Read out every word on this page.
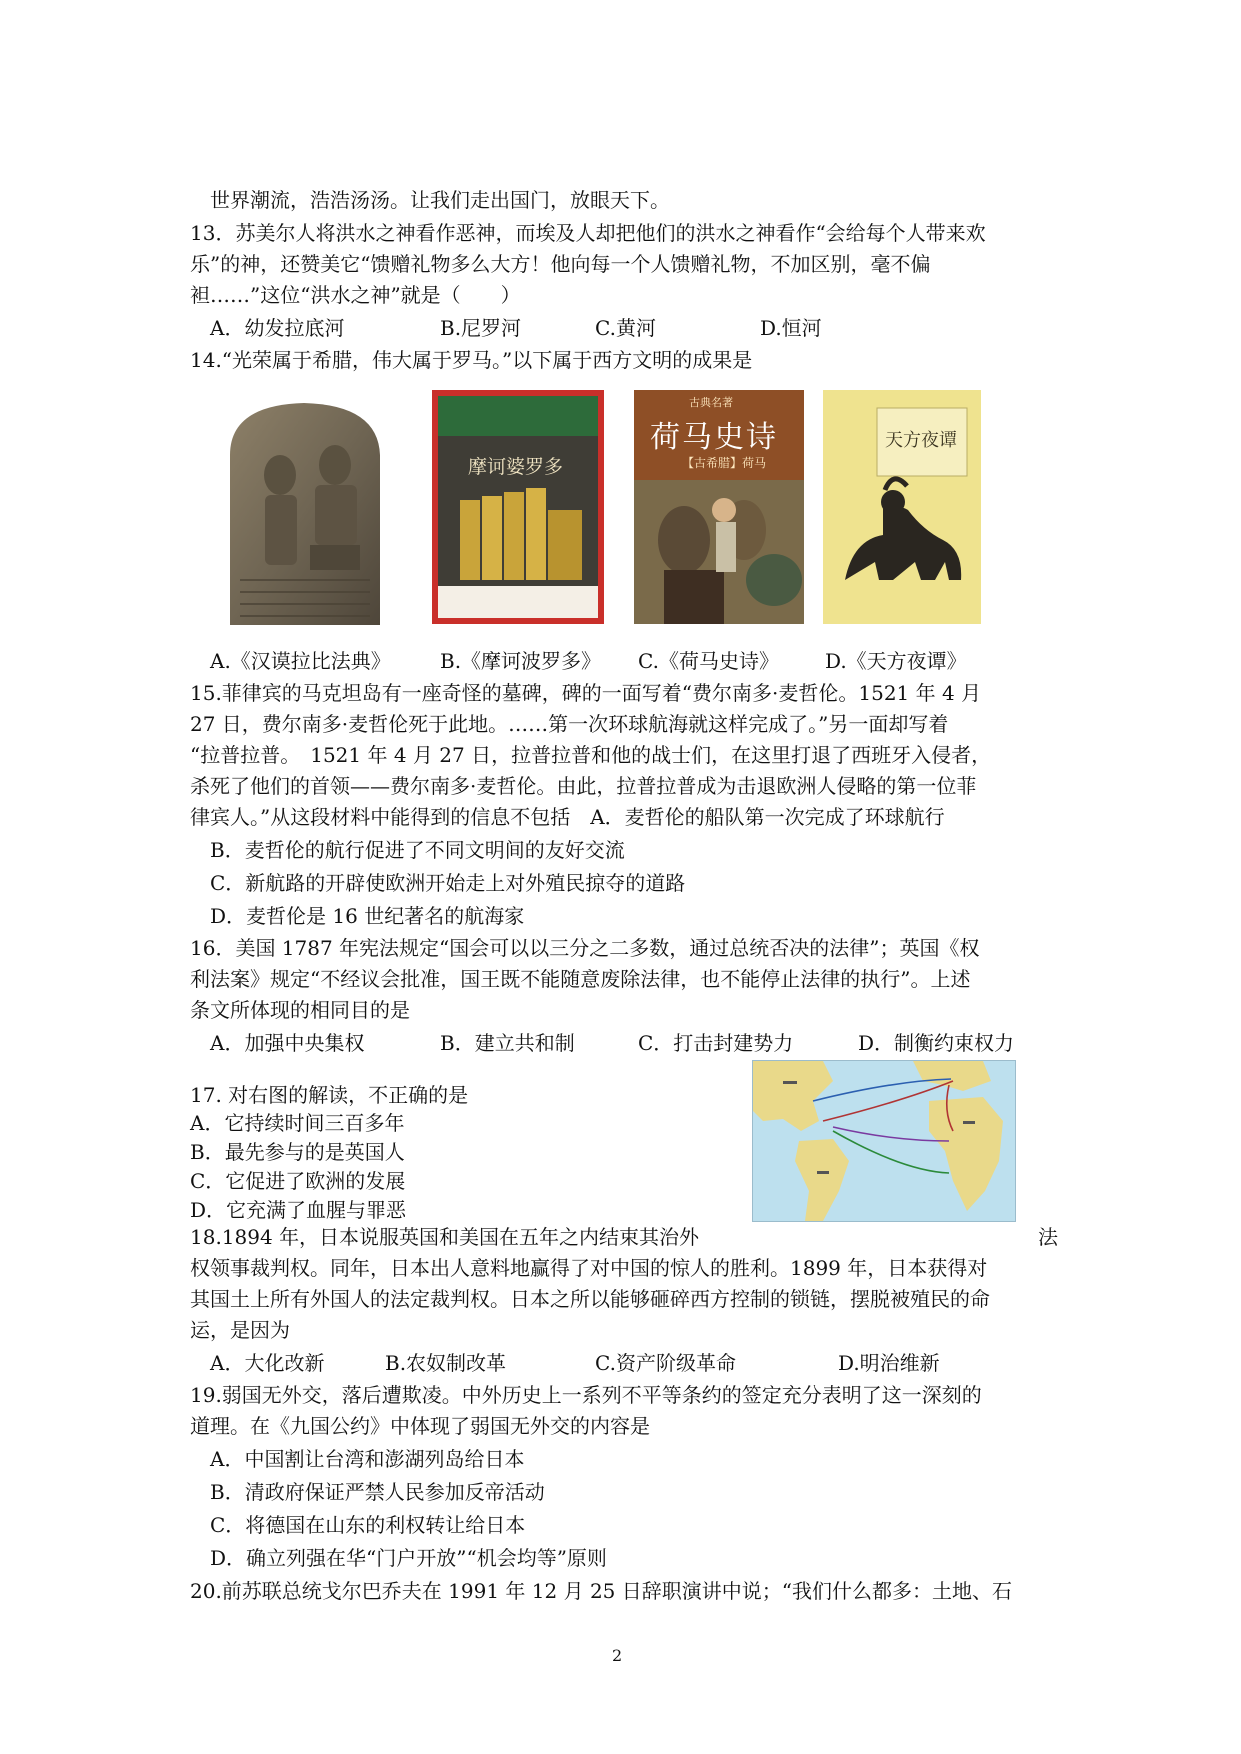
世界潮流，浩浩汤汤。让我们走出国门，放眼天下。
13．苏美尔人将洪水之神看作恶神，而埃及人却把他们的洪水之神看作“会给每个人带来欢
乐”的神，还赞美它“馈赠礼物多么大方！他向每一个人馈赠礼物，不加区别，毫不偏
袒……”这位“洪水之神”就是（　　）
A．幼发拉底河	B.尼罗河	C.黄河	D.恒河
14.“光荣属于希腊，伟大属于罗马。”以下属于西方文明的成果是
摩诃婆罗多
古典名著
荷马史诗
【古希腊】荷马
天方夜谭
A.《汉谟拉比法典》 B.《摩诃波罗多》 C.《荷马史诗》 D.《天方夜谭》
15.菲律宾的马克坦岛有一座奇怪的墓碑，碑的一面写着“费尔南多·麦哲伦。1521 年 4 月
27 日，费尔南多·麦哲伦死于此地。……第一次环球航海就这样完成了。”另一面却写着
“拉普拉普。　1521 年 4 月 27 日，拉普拉普和他的战士们，在这里打退了西班牙入侵者，
杀死了他们的首领——费尔南多·麦哲伦。由此，拉普拉普成为击退欧洲人侵略的第一位菲
律宾人。”从这段材料中能得到的信息不包括　A．麦哲伦的船队第一次完成了环球航行
B．麦哲伦的航行促进了不同文明间的友好交流
C．新航路的开辟使欧洲开始走上对外殖民掠夺的道路
D．麦哲伦是 16 世纪著名的航海家
16．美国 1787 年宪法规定“国会可以以三分之二多数，通过总统否决的法律”；英国《权
利法案》规定“不经议会批准，国王既不能随意废除法律，也不能停止法律的执行”。上述
条文所体现的相同目的是
A．加强中央集权	B．建立共和制	C．打击封建势力	D．制衡约束权力
17. 对右图的解读，不正确的是
A．它持续时间三百多年
B．最先参与的是英国人
C．它促进了欧洲的发展
D．它充满了血腥与罪恶
18.1894 年，日本说服英国和美国在五年之内结束其治外	法
权领事裁判权。同年，日本出人意料地赢得了对中国的惊人的胜利。1899 年，日本获得对
其国土上所有外国人的法定裁判权。日本之所以能够砸碎西方控制的锁链，摆脱被殖民的命
运，是因为
A．大化改新	B.农奴制改革	C.资产阶级革命	D.明治维新
19.弱国无外交，落后遭欺凌。中外历史上一系列不平等条约的签定充分表明了这一深刻的
道理。在《九国公约》中体现了弱国无外交的内容是
A．中国割让台湾和澎湖列岛给日本
B．清政府保证严禁人民参加反帝活动
C．将德国在山东的利权转让给日本
D．确立列强在华“门户开放”“机会均等”原则
20.前苏联总统戈尔巴乔夫在 1991 年 12 月 25 日辞职演讲中说；“我们什么都多：土地、石
2
